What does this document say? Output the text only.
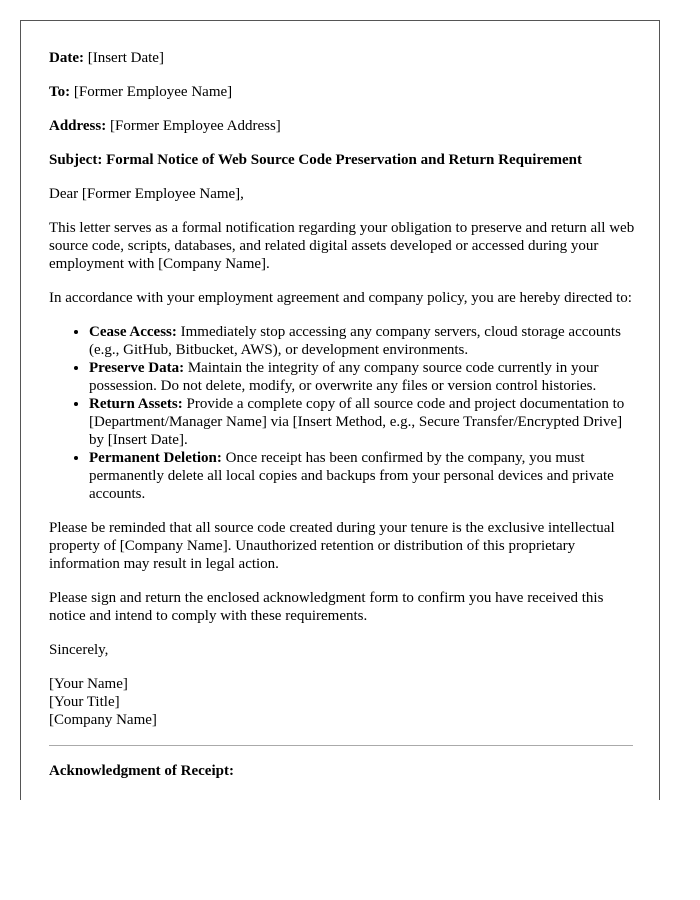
Date: [Insert Date]

To: [Former Employee Name]

Address: [Former Employee Address]

Subject: Formal Notice of Web Source Code Preservation and Return Requirement

Dear [Former Employee Name],

This letter serves as a formal notification regarding your obligation to preserve and return all web source code, scripts, databases, and related digital assets developed or accessed during your employment with [Company Name].

In accordance with your employment agreement and company policy, you are hereby directed to:

• Cease Access: Immediately stop accessing any company servers, cloud storage accounts (e.g., GitHub, Bitbucket, AWS), or development environments.
• Preserve Data: Maintain the integrity of any company source code currently in your possession. Do not delete, modify, or overwrite any files or version control histories.
• Return Assets: Provide a complete copy of all source code and project documentation to [Department/Manager Name] via [Insert Method, e.g., Secure Transfer/Encrypted Drive] by [Insert Date].
• Permanent Deletion: Once receipt has been confirmed by the company, you must permanently delete all local copies and backups from your personal devices and private accounts.

Please be reminded that all source code created during your tenure is the exclusive intellectual property of [Company Name]. Unauthorized retention or distribution of this proprietary information may result in legal action.

Please sign and return the enclosed acknowledgment form to confirm you have received this notice and intend to comply with these requirements.

Sincerely,

[Your Name]

[Your Title]

[Company Name]

Acknowledgment of Receipt:
